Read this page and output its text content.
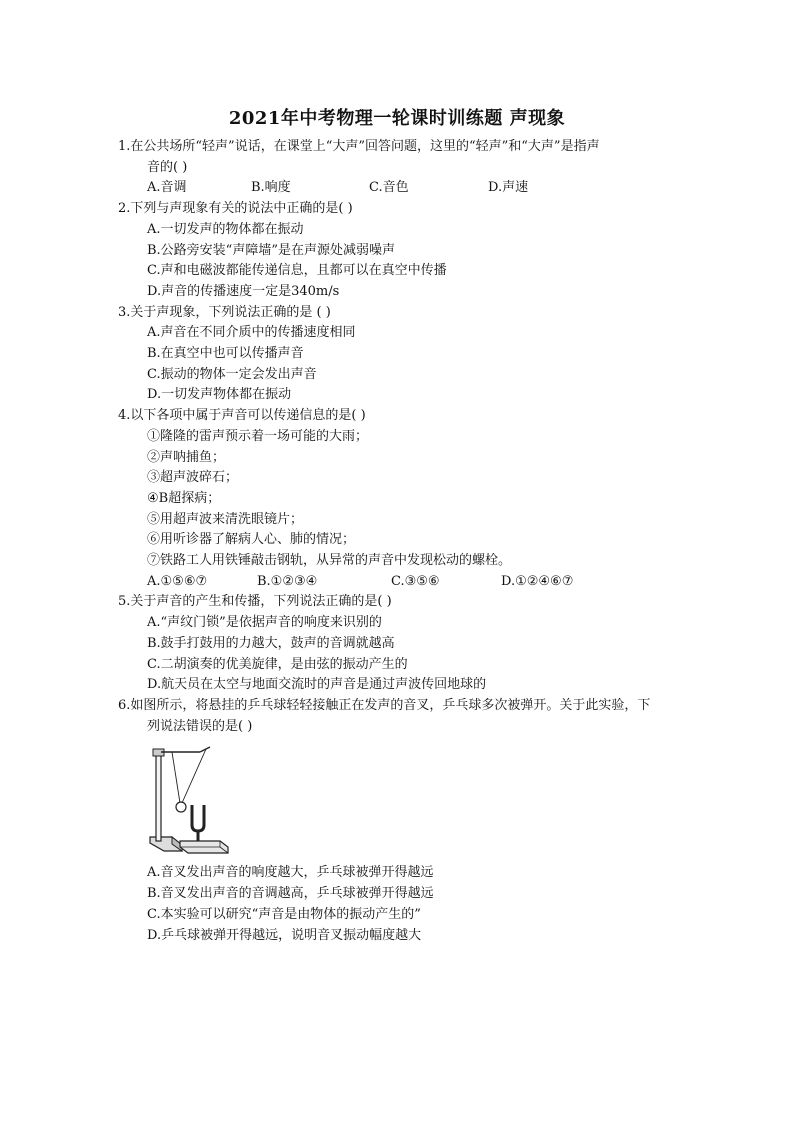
2021年中考物理一轮课时训练题 声现象
1.在公共场所“轻声”说话，在课堂上“大声”回答问题，这里的“轻声”和“大声”是指声
音的( )
A.音调	B.响度	C.音色	D.声速
2.下列与声现象有关的说法中正确的是( )
A.一切发声的物体都在振动
B.公路旁安装“声障墙”是在声源处减弱噪声
C.声和电磁波都能传递信息，且都可以在真空中传播
D.声音的传播速度一定是340m/s
3.关于声现象，下列说法正确的是 ( )
A.声音在不同介质中的传播速度相同
B.在真空中也可以传播声音
C.振动的物体一定会发出声音
D.一切发声物体都在振动
4.以下各项中属于声音可以传递信息的是( )
①隆隆的雷声预示着一场可能的大雨；
②声呐捕鱼；
③超声波碎石；
④B超探病；
⑤用超声波来清洗眼镜片；
⑥用听诊器了解病人心、肺的情况；
⑦铁路工人用铁锤敲击钢轨，从异常的声音中发现松动的螺栓。
A.①⑤⑥⑦	B.①②③④	C.③⑤⑥	D.①②④⑥⑦
5.关于声音的产生和传播，下列说法正确的是( )
A.“声纹门锁”是依据声音的响度来识别的
B.鼓手打鼓用的力越大，鼓声的音调就越高
C.二胡演奏的优美旋律，是由弦的振动产生的
D.航天员在太空与地面交流时的声音是通过声波传回地球的
6.如图所示，将悬挂的乒乓球轻轻接触正在发声的音叉，乒乓球多次被弹开。关于此实验，下
列说法错误的是( )
A.音叉发出声音的响度越大，乒乓球被弹开得越远
B.音叉发出声音的音调越高，乒乓球被弹开得越远
C.本实验可以研究“声音是由物体的振动产生的”
D.乒乓球被弹开得越远，说明音叉振动幅度越大
